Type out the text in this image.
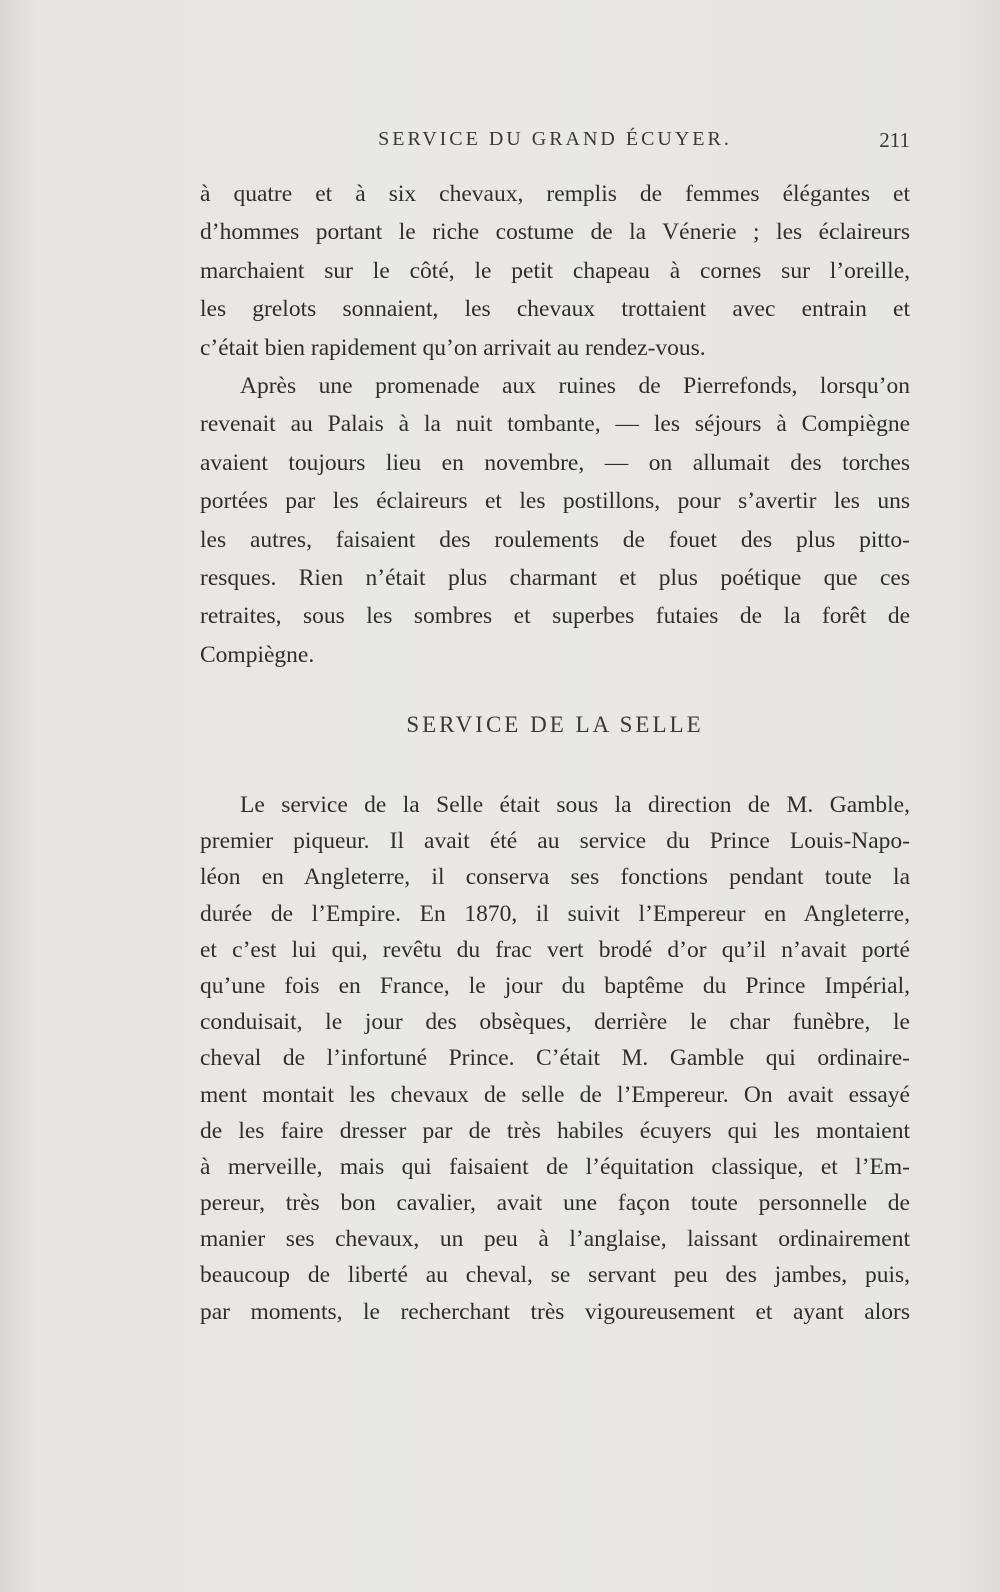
SERVICE DU GRAND ÉCUYER.	211
à quatre et à six chevaux, remplis de femmes élégantes et
d’hommes portant le riche costume de la Vénerie ; les éclaireurs
marchaient sur le côté, le petit chapeau à cornes sur l’oreille,
les grelots sonnaient, les chevaux trottaient avec entrain et
c’était bien rapidement qu’on arrivait au rendez-vous.
Après une promenade aux ruines de Pierrefonds, lorsqu’on
revenait au Palais à la nuit tombante, — les séjours à Compiègne
avaient toujours lieu en novembre, — on allumait des torches
portées par les éclaireurs et les postillons, pour s’avertir les uns
les autres, faisaient des roulements de fouet des plus pitto-
resques. Rien n’était plus charmant et plus poétique que ces
retraites, sous les sombres et superbes futaies de la forêt de
Compiègne.
SERVICE DE LA SELLE
Le service de la Selle était sous la direction de M. Gamble,
premier piqueur. Il avait été au service du Prince Louis-Napo-
léon en Angleterre, il conserva ses fonctions pendant toute la
durée de l’Empire. En 1870, il suivit l’Empereur en Angleterre,
et c’est lui qui, revêtu du frac vert brodé d’or qu’il n’avait porté
qu’une fois en France, le jour du baptême du Prince Impérial,
conduisait, le jour des obsèques, derrière le char funèbre, le
cheval de l’infortuné Prince. C’était M. Gamble qui ordinaire-
ment montait les chevaux de selle de l’Empereur. On avait essayé
de les faire dresser par de très habiles écuyers qui les montaient
à merveille, mais qui faisaient de l’équitation classique, et l’Em-
pereur, très bon cavalier, avait une façon toute personnelle de
manier ses chevaux, un peu à l’anglaise, laissant ordinairement
beaucoup de liberté au cheval, se servant peu des jambes, puis,
par moments, le recherchant très vigoureusement et ayant alors
